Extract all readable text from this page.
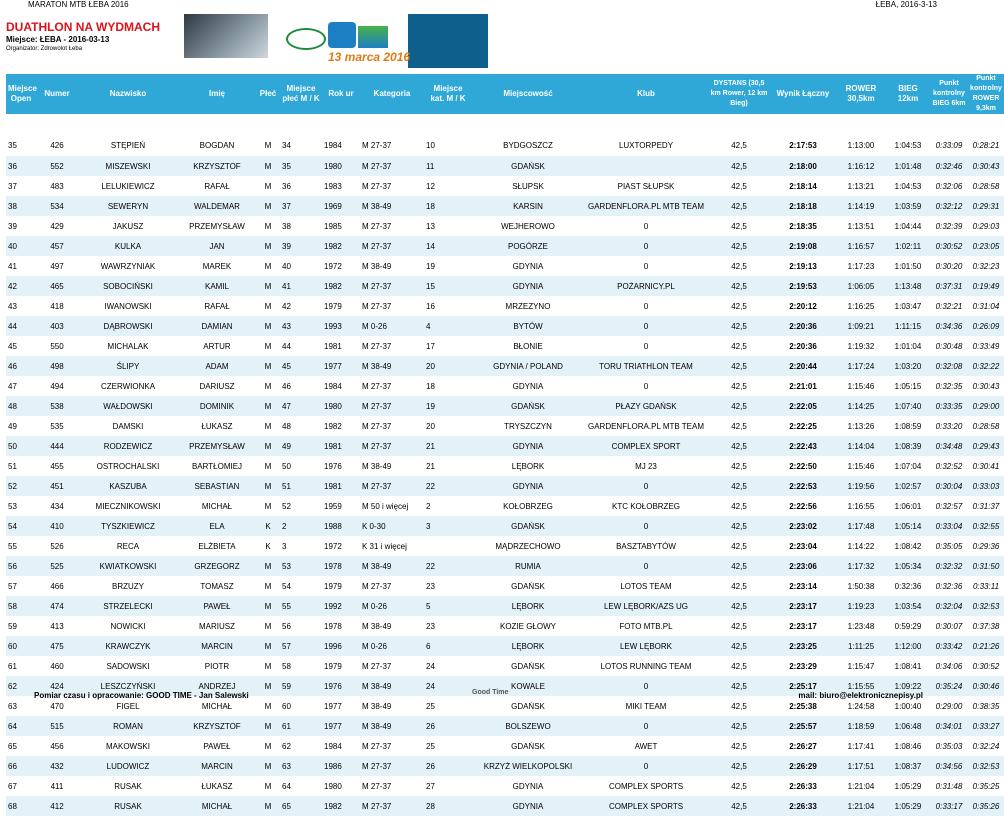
MARATON MTB ŁEBA 2016	ŁEBA, 2016-3-13
DUATHLON NA WYDMACH
Miejsce: ŁEBA - 2016-03-13
Organizator: Zdrowolot Łeba
13 marca 2016
Miejsce Open	Numer	Nazwisko	Imię	Płeć	Miejsce płeć M / K	Rok ur	Kategoria	Miejsce kat. M / K	Miejscowość	Klub	DYSTANS (30,5 km Rower, 12 km Bieg)	Wynik Łączny	ROWER 30,5km	BIEG 12km	Punkt kontrolny BIEG 6km	Punkt kontrolny ROWER 9,3km

35	426	STĘPIEŃ	BOGDAN	M	34	1984	M 27-37	10	BYDGOSZCZ	LUXTORPEDY	42,5	2:17:53	1:13:00	1:04:53	0:33:09	0:28:21
36	552	MISZEWSKI	KRZYSZTOF	M	35	1980	M 27-37	11	GDAŃSK		42,5	2:18:00	1:16:12	1:01:48	0:32:46	0:30:43
37	483	LELUKIEWICZ	RAFAŁ	M	36	1983	M 27-37	12	SŁUPSK	PIAST SŁUPSK	42,5	2:18:14	1:13:21	1:04:53	0:32:06	0:28:58
38	534	SEWERYN	WALDEMAR	M	37	1969	M 38-49	18	KARSIN	GARDENFLORA.PL MTB TEAM	42,5	2:18:18	1:14:19	1:03:59	0:32:12	0:29:31
39	429	JAKUSZ	PRZEMYSŁAW	M	38	1985	M 27-37	13	WEJHEROWO	0	42,5	2:18:35	1:13:51	1:04:44	0:32:39	0:29:03
40	457	KULKA	JAN	M	39	1982	M 27-37	14	POGÓRZE	0	42,5	2:19:08	1:16:57	1:02:11	0:30:52	0:23:05
41	497	WAWRZYNIAK	MAREK	M	40	1972	M 38-49	19	GDYNIA	0	42,5	2:19:13	1:17:23	1:01:50	0:30:20	0:32:23
42	465	SOBOCIŃSKI	KAMIL	M	41	1982	M 27-37	15	GDYNIA	POŻARNICY.PL	42,5	2:19:53	1:06:05	1:13:48	0:37:31	0:19:49
43	418	IWANOWSKI	RAFAŁ	M	42	1979	M 27-37	16	MRZEZYNO	0	42,5	2:20:12	1:16:25	1:03:47	0:32:21	0:31:04
44	403	DĄBROWSKI	DAMIAN	M	43	1993	M 0-26	4	BYTÓW	0	42,5	2:20:36	1:09:21	1:11:15	0:34:36	0:26:09
45	550	MICHALAK	ARTUR	M	44	1981	M 27-37	17	BŁONIE	0	42,5	2:20:36	1:19:32	1:01:04	0:30:48	0:33:49
46	498	ŚLIPY	ADAM	M	45	1977	M 38-49	20	GDYNIA / POLAND	TORU TRIATHLON TEAM	42,5	2:20:44	1:17:24	1:03:20	0:32:08	0:32:22
47	494	CZERWIONKA	DARIUSZ	M	46	1984	M 27-37	18	GDYNIA	0	42,5	2:21:01	1:15:46	1:05:15	0:32:35	0:30:43
48	538	WAŁDOWSKI	DOMINIK	M	47	1980	M 27-37	19	GDAŃSK	PŁAZY GDAŃSK	42,5	2:22:05	1:14:25	1:07:40	0:33:35	0:29:00
49	535	DAMSKI	ŁUKASZ	M	48	1982	M 27-37	20	TRYSZCZYN	GARDENFLORA.PL MTB TEAM	42,5	2:22:25	1:13:26	1:08:59	0:33:20	0:28:58
50	444	RODZEWICZ	PRZEMYSŁAW	M	49	1981	M 27-37	21	GDYNIA	COMPLEX SPORT	42,5	2:22:43	1:14:04	1:08:39	0:34:48	0:29:43
51	455	OSTROCHALSKI	BARTŁOMIEJ	M	50	1976	M 38-49	21	LĘBORK	MJ 23	42,5	2:22:50	1:15:46	1:07:04	0:32:52	0:30:41
52	451	KASZUBA	SEBASTIAN	M	51	1981	M 27-37	22	GDYNIA	0	42,5	2:22:53	1:19:56	1:02:57	0:30:04	0:33:03
53	434	MIECZNIKOWSKI	MICHAŁ	M	52	1959	M 50 i więcej	2	KOŁOBRZEG	KTC KOŁOBRZEG	42,5	2:22:56	1:16:55	1:06:01	0:32:57	0:31:37
54	410	TYSZKIEWICZ	ELA	K	2	1988	K 0-30	3	GDAŃSK	0	42,5	2:23:02	1:17:48	1:05:14	0:33:04	0:32:55
55	526	RECA	ELŻBIETA	K	3	1972	K 31 i więcej		MĄDRZECHOWO	BASZTABYTÓW	42,5	2:23:04	1:14:22	1:08:42	0:35:05	0:29:36
56	525	KWIATKOWSKI	GRZEGORZ	M	53	1978	M 38-49	22	RUMIA	0	42,5	2:23:06	1:17:32	1:05:34	0:32:32	0:31:50
57	466	BRZUZY	TOMASZ	M	54	1979	M 27-37	23	GDAŃSK	LOTOS TEAM	42,5	2:23:14	1:50:38	0:32:36	0:32:36	0:33:11
58	474	STRZELECKI	PAWEŁ	M	55	1992	M 0-26	5	LĘBORK	LEW LĘBORK/AZS UG	42,5	2:23:17	1:19:23	1:03:54	0:32:04	0:32:53
59	413	NOWICKI	MARIUSZ	M	56	1978	M 38-49	23	KOZIE GŁOWY	FOTO MTB.PL	42,5	2:23:17	1:23:48	0:59:29	0:30:07	0:37:38
60	475	KRAWCZYK	MARCIN	M	57	1996	M 0-26	6	LĘBORK	LEW LĘBORK	42,5	2:23:25	1:11:25	1:12:00	0:33:42	0:21:26
61	460	SADOWSKI	PIOTR	M	58	1979	M 27-37	24	GDAŃSK	LOTOS RUNNING TEAM	42,5	2:23:29	1:15:47	1:08:41	0:34:06	0:30:52
62	424	LESZCZYŃSKI	ANDRZEJ	M	59	1976	M 38-49	24	KOWALE	0	42,5	2:25:17	1:15:55	1:09:22	0:35:24	0:30:46
63	470	FIGEL	MICHAŁ	M	60	1977	M 38-49	25	GDAŃSK	MIKI TEAM	42,5	2:25:38	1:24:58	1:00:40	0:29:00	0:38:35
64	515	ROMAN	KRZYSZTOF	M	61	1977	M 38-49	26	BOLSZEWO	0	42,5	2:25:57	1:18:59	1:06:48	0:34:01	0:33:27
65	456	MAKOWSKI	PAWEŁ	M	62	1984	M 27-37	25	GDAŃSK	AWET	42,5	2:26:27	1:17:41	1:08:46	0:35:03	0:32:24
66	432	LUDOWICZ	MARCIN	M	63	1986	M 27-37	26	KRZYŻ WIELKOPOLSKI	0	42,5	2:26:29	1:17:51	1:08:37	0:34:56	0:32:53
67	411	RUSAK	ŁUKASZ	M	64	1980	M 27-37	27	GDYNIA	COMPLEX SPORTS	42,5	2:26:33	1:21:04	1:05:29	0:31:48	0:35:25
68	412	RUSAK	MICHAŁ	M	65	1982	M 27-37	28	GDYNIA	COMPLEX SPORTS	42,5	2:26:33	1:21:04	1:05:29	0:33:17	0:35:26
Pomiar czasu i opracowanie: GOOD TIME - Jan Salewski	Good Time	mail: biuro@elektronicznepisy.pl
